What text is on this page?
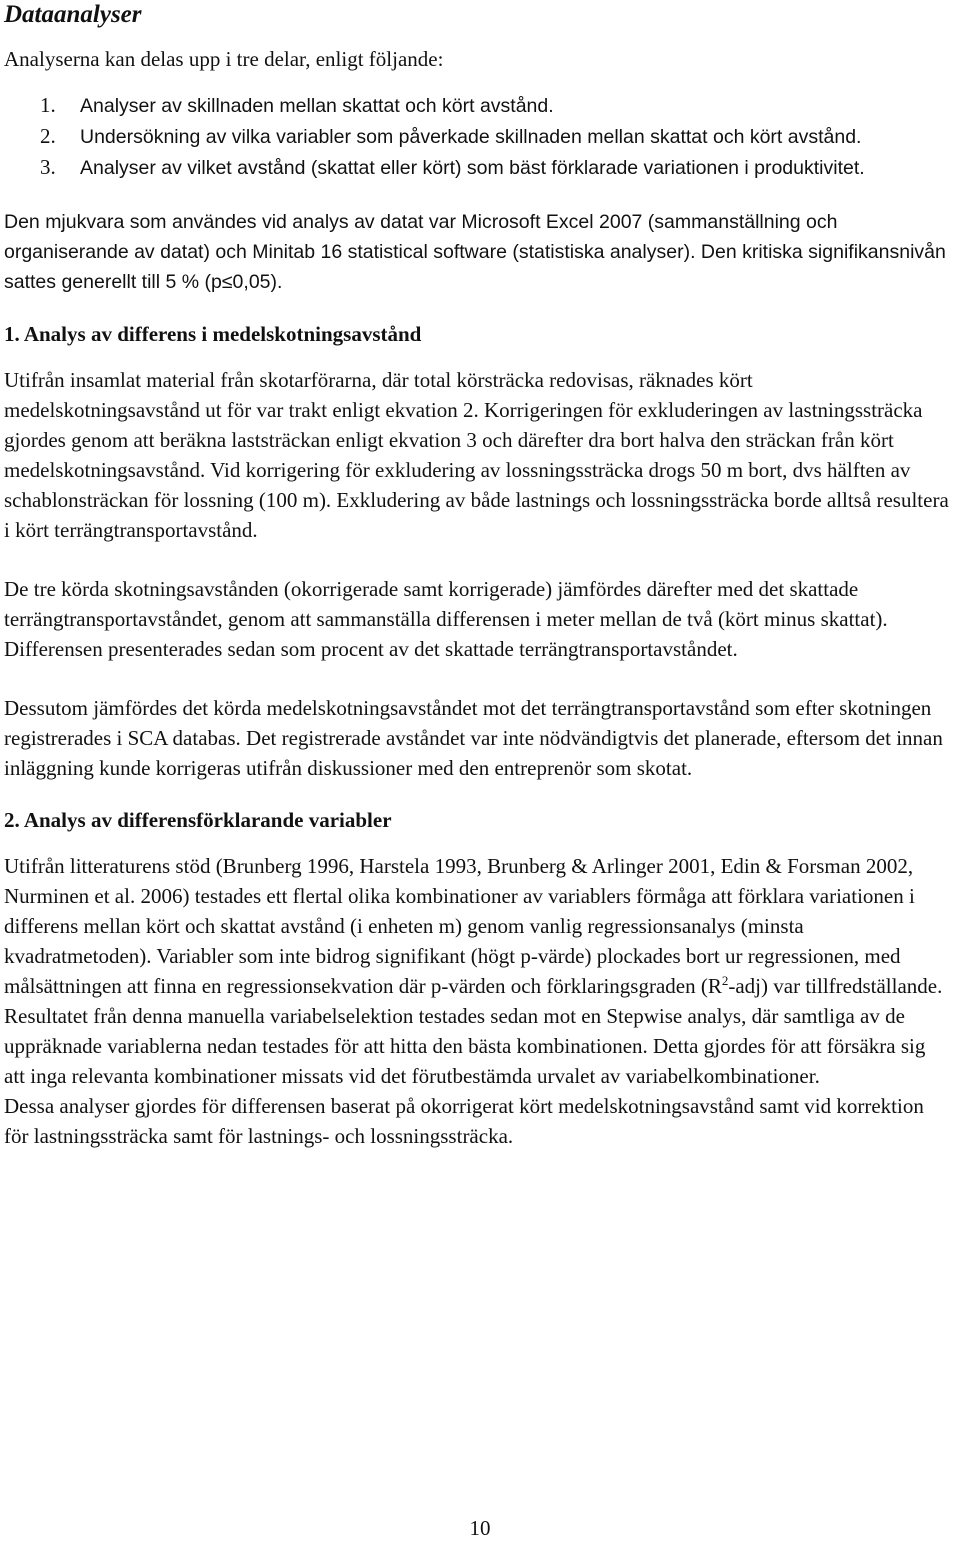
Dataanalyser

Analyserna kan delas upp i tre delar, enligt följande:

1. Analyser av skillnaden mellan skattat och kört avstånd.
2. Undersökning av vilka variabler som påverkade skillnaden mellan skattat och kört avstånd.
3. Analyser av vilket avstånd (skattat eller kört) som bäst förklarade variationen i produktivitet.

Den mjukvara som användes vid analys av datat var Microsoft Excel 2007 (sammanställning och organiserande av datat) och Minitab 16 statistical software (statistiska analyser). Den kritiska signifikansnivån sattes generellt till 5 % (p≤0,05).

1. Analys av differens i medelskotningsavstånd

Utifrån insamlat material från skotarförarna, där total körsträcka redovisas, räknades kört medelskotningsavstånd ut för var trakt enligt ekvation 2. Korrigeringen för exkluderingen av lastningssträcka gjordes genom att beräkna laststräckan enligt ekvation 3 och därefter dra bort halva den sträckan från kört medelskotningsavstånd. Vid korrigering för exkludering av lossningssträcka drogs 50 m bort, dvs hälften av schablonsträckan för lossning (100 m). Exkludering av både lastnings och lossningssträcka borde alltså resultera i kört terrängtransportavstånd.

De tre körda skotningsavstånden (okorrigerade samt korrigerade) jämfördes därefter med det skattade terrängtransportavståndet, genom att sammanställa differensen i meter mellan de två (kört minus skattat). Differensen presenterades sedan som procent av det skattade terrängtransportavståndet.

Dessutom jämfördes det körda medelskotningsavståndet mot det terrängtransportavstånd som efter skotningen registrerades i SCA databas. Det registrerade avståndet var inte nödvändigtvis det planerade, eftersom det innan inläggning kunde korrigeras utifrån diskussioner med den entreprenör som skotat.

2. Analys av differensförklarande variabler

Utifrån litteraturens stöd (Brunberg 1996, Harstela 1993, Brunberg & Arlinger 2001, Edin & Forsman 2002, Nurminen et al. 2006) testades ett flertal olika kombinationer av variablers förmåga att förklara variationen i differens mellan kört och skattat avstånd (i enheten m) genom vanlig regressionsanalys (minsta kvadratmetoden). Variabler som inte bidrog signifikant (högt p-värde) plockades bort ur regressionen, med målsättningen att finna en regressionsekvation där p-värden och förklaringsgraden $(R^2-adj)$ var tillfredställande. Resultatet från denna manuella variabelselektion testades sedan mot en Stepwise analys, där samtliga av de uppräknade variablerna nedan testades för att hitta den bästa kombinationen. Detta gjordes för att försäkra sig att inga relevanta kombinationer missats vid det förutbestämda urvalet av variabelkombinationer.

Dessa analyser gjordes för differensen baserat på okorrigerat kört medelskotningsavstånd samt vid korrektion för lastningssträcka samt för lastnings- och lossningssträcka.

10
